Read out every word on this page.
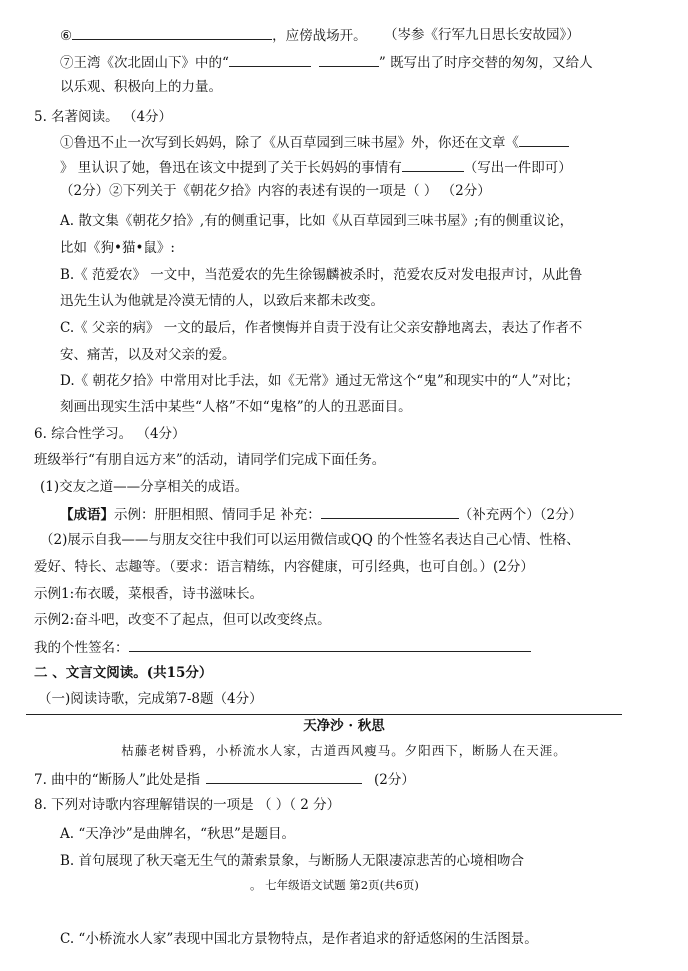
⑥	，应傍战场开。 （岑参《行军九日思长安故园》）
⑦王湾《次北固山下》中的“	” 既写出了时序交替的匆匆，又给人
以乐观、积极向上的力量。
5. 名著阅读。 （4分）
①鲁迅不止一次写到长妈妈，除了《从百草园到三味书屋》外，你还在文章《
》 里认识了她，鲁迅在该文中提到了关于长妈妈的事情有	（写出一件即可）
（2分）②下列关于《朝花夕拾》内容的表述有误的一项是（ ） （2分）
A. 散文集《朝花夕拾》,有的侧重记事，比如《从百草园到三味书屋》;有的侧重议论，
比如《狗•猫•鼠》:
B.《 范爱农》 一文中，当范爱农的先生徐锡麟被杀时，范爱农反对发电报声讨，从此鲁
迅先生认为他就是冷漠无情的人，以致后来都未改变。
C.《 父亲的病》 一文的最后，作者懊悔并自责于没有让父亲安静地离去，表达了作者不
安、痛苦，以及对父亲的爱。
D.《 朝花夕拾》中常用对比手法，如《无常》通过无常这个“鬼”和现实中的“人”对比；
刻画出现实生活中某些“人格”不如“鬼格”的人的丑恶面目。
6. 综合性学习。 （4分）
班级举行“有朋自远方来”的活动，请同学们完成下面任务。
(1)交友之道——分享相关的成语。
【成语】示例：肝胆相照、情同手足 补充：	（补充两个）（2分）
（2)展示自我——与朋友交往中我们可以运用微信或QQ 的个性签名表达自己心情、性格、
爱好、特长、志趣等。（要求：语言精练，内容健康，可引经典，也可自创。）(2分）
示例1:布衣暖，菜根香，诗书滋味长。
示例2:奋斗吧，改变不了起点，但可以改变终点。
我的个性签名：
二 、文言文阅读。(共15分）
（一)阅读诗歌，完成第7-8题（4分）
天净沙 · 秋思
枯藤老树昏鸦，小桥流水人家，古道西风瘦马。夕阳西下，断肠人在天涯。
7. 曲中的“断肠人”此处是指	(2分）
8. 下列对诗歌内容理解错误的一项是 （ ）（ 2 分）
A. “天净沙”是曲牌名，“秋思”是题目。
B. 首句展现了秋天毫无生气的萧索景象，与断肠人无限凄凉悲苦的心境相吻合
。 七年级语文试题 第2页(共6页)
C. “小桥流水人家”表现中国北方景物特点，是作者追求的舒适悠闲的生活图景。
